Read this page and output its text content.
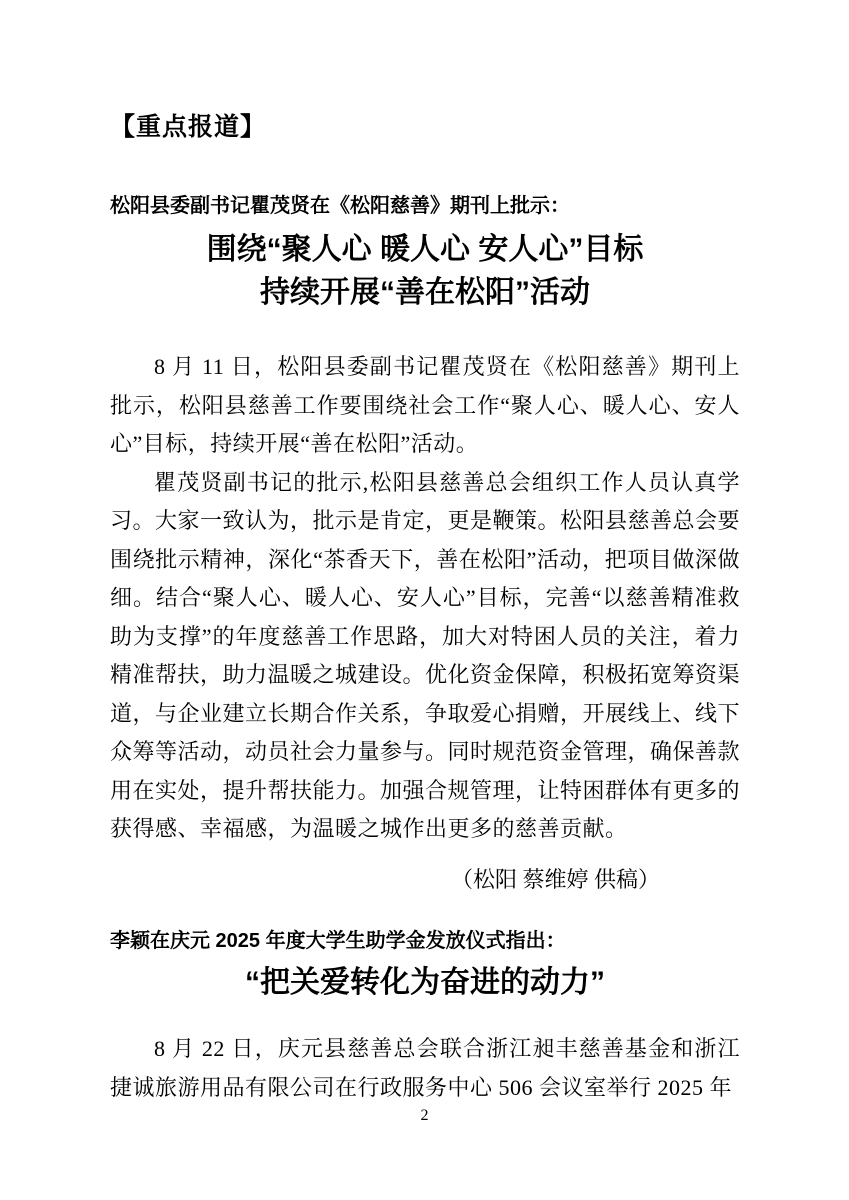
【重点报道】

松阳县委副书记瞿茂贤在《松阳慈善》期刊上批示：

围绕“聚人心 暖人心 安人心”目标
持续开展“善在松阳”活动

8 月 11 日，松阳县委副书记瞿茂贤在《松阳慈善》期刊上批示，松阳县慈善工作要围绕社会工作“聚人心、暖人心、安人心”目标，持续开展“善在松阳”活动。

瞿茂贤副书记的批示,松阳县慈善总会组织工作人员认真学习。大家一致认为，批示是肯定，更是鞭策。松阳县慈善总会要围绕批示精神，深化“茶香天下，善在松阳”活动，把项目做深做细。结合“聚人心、暖人心、安人心”目标，完善“以慈善精准救助为支撑”的年度慈善工作思路，加大对特困人员的关注，着力精准帮扶，助力温暖之城建设。优化资金保障，积极拓宽筹资渠道，与企业建立长期合作关系，争取爱心捐赠，开展线上、线下众筹等活动，动员社会力量参与。同时规范资金管理，确保善款用在实处，提升帮扶能力。加强合规管理，让特困群体有更多的获得感、幸福感，为温暖之城作出更多的慈善贡献。

（松阳 蔡维婷 供稿）

李颖在庆元 2025 年度大学生助学金发放仪式指出：

“把关爱转化为奋进的动力”

8 月 22 日，庆元县慈善总会联合浙江昶丰慈善基金和浙江捷诚旅游用品有限公司在行政服务中心 506 会议室举行 2025 年

2
